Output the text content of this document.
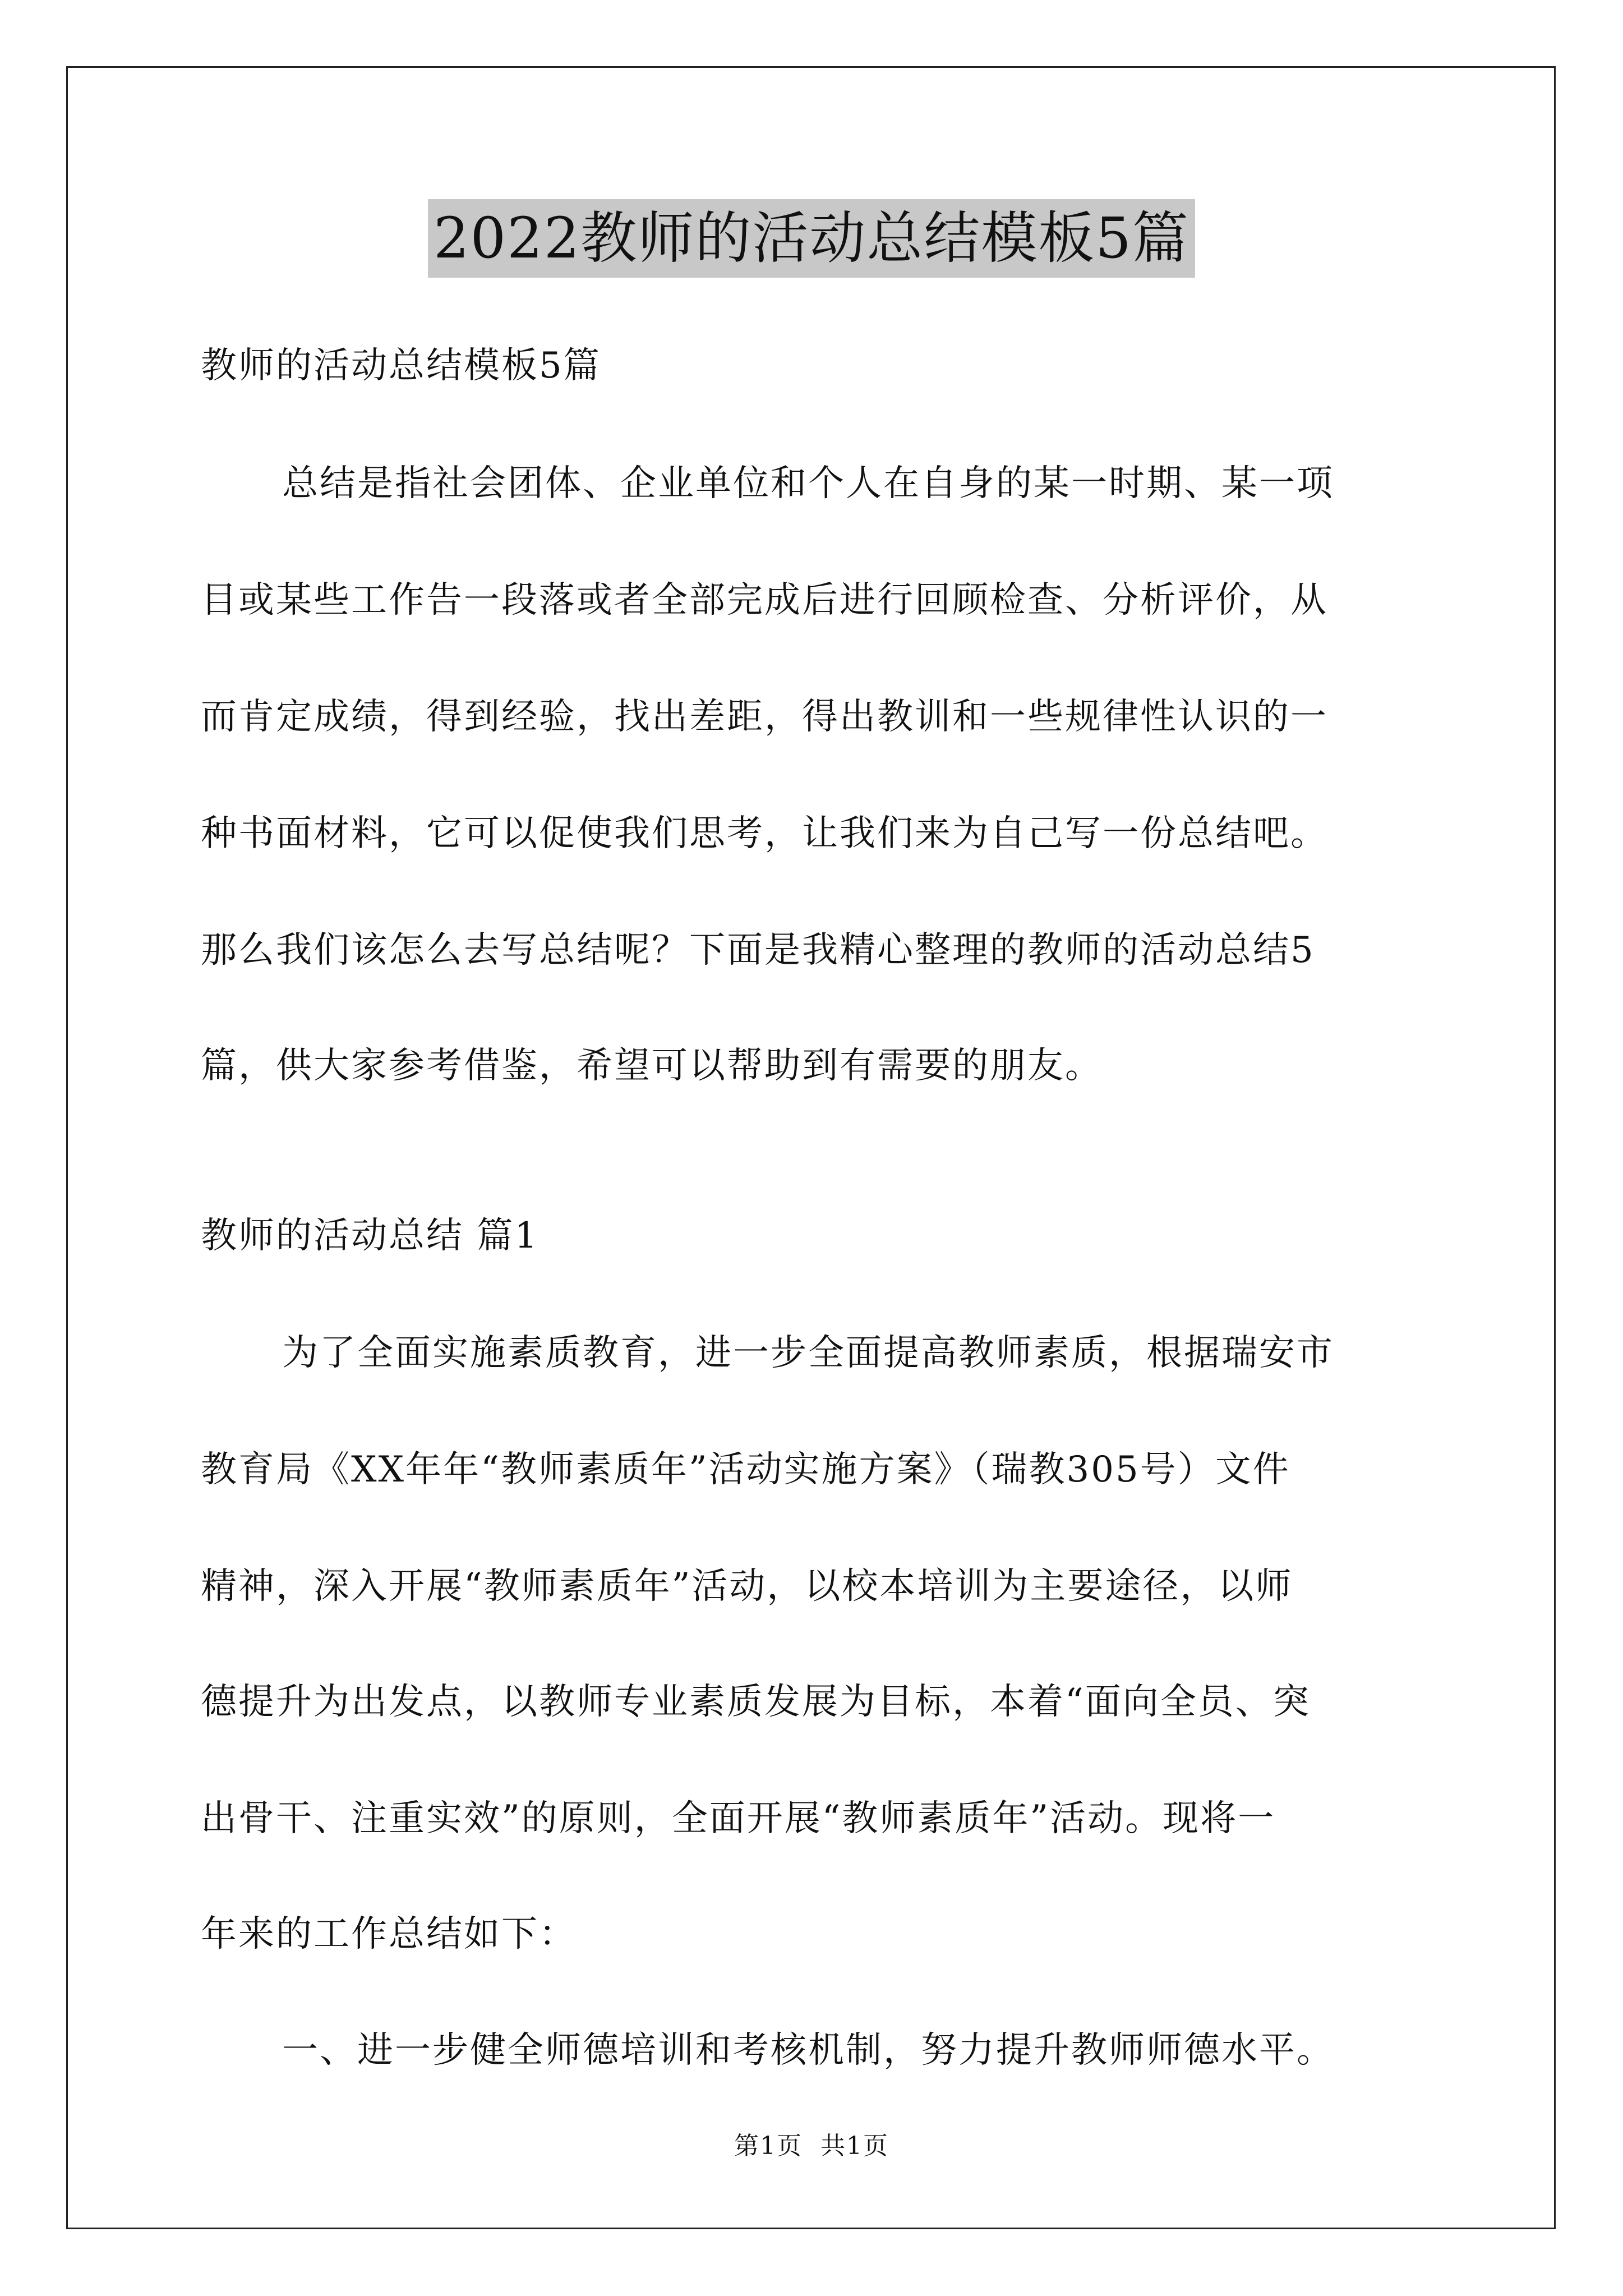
2022教师的活动总结模板5篇
教师的活动总结模板5篇
总结是指社会团体、企业单位和个人在自身的某一时期、某一项
目或某些工作告一段落或者全部完成后进行回顾检查、分析评价，从
而肯定成绩，得到经验，找出差距，得出教训和一些规律性认识的一
种书面材料，它可以促使我们思考，让我们来为自己写一份总结吧。
那么我们该怎么去写总结呢？下面是我精心整理的教师的活动总结5
篇，供大家参考借鉴，希望可以帮助到有需要的朋友。
教师的活动总结 篇1
为了全面实施素质教育，进一步全面提高教师素质，根据瑞安市
教育局《XX年年“教师素质年”活动实施方案》（瑞教305号）文件
精神，深入开展“教师素质年”活动，以校本培训为主要途径，以师
德提升为出发点，以教师专业素质发展为目标，本着“面向全员、突
出骨干、注重实效”的原则，全面开展“教师素质年”活动。现将一
年来的工作总结如下：
一、进一步健全师德培训和考核机制，努力提升教师师德水平。
第1页 共1页
